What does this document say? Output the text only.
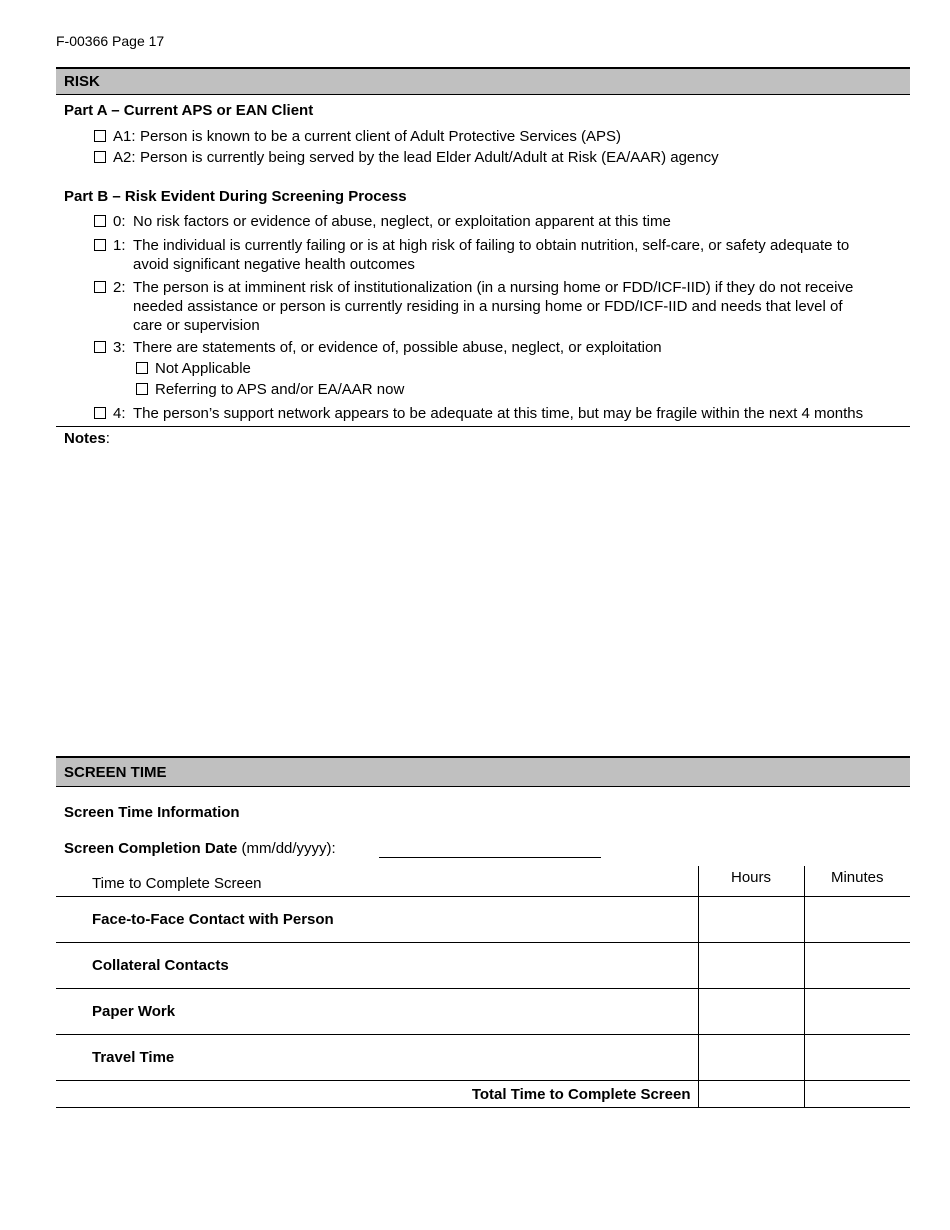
F-00366 Page 17
RISK
Part A – Current APS or EAN Client
A1: Person is known to be a current client of Adult Protective Services (APS)
A2: Person is currently being served by the lead Elder Adult/Adult at Risk (EA/AAR) agency
Part B – Risk Evident During Screening Process
0: No risk factors or evidence of abuse, neglect, or exploitation apparent at this time
1: The individual is currently failing or is at high risk of failing to obtain nutrition, self-care, or safety adequate to
avoid significant negative health outcomes
2: The person is at imminent risk of institutionalization (in a nursing home or FDD/ICF-IID) if they do not receive
needed assistance or person is currently residing in a nursing home or FDD/ICF-IID and needs that level of
care or supervision
3: There are statements of, or evidence of, possible abuse, neglect, or exploitation
Not Applicable
Referring to APS and/or EA/AAR now
4: The person’s support network appears to be adequate at this time, but may be fragile within the next 4 months
Notes:
SCREEN TIME
Screen Time Information
Screen Completion Date (mm/dd/yyyy):
Time to Complete Screen	Hours	Minutes
Face-to-Face Contact with Person		
Collateral Contacts		
Paper Work		
Travel Time		
Total Time to Complete Screen		
